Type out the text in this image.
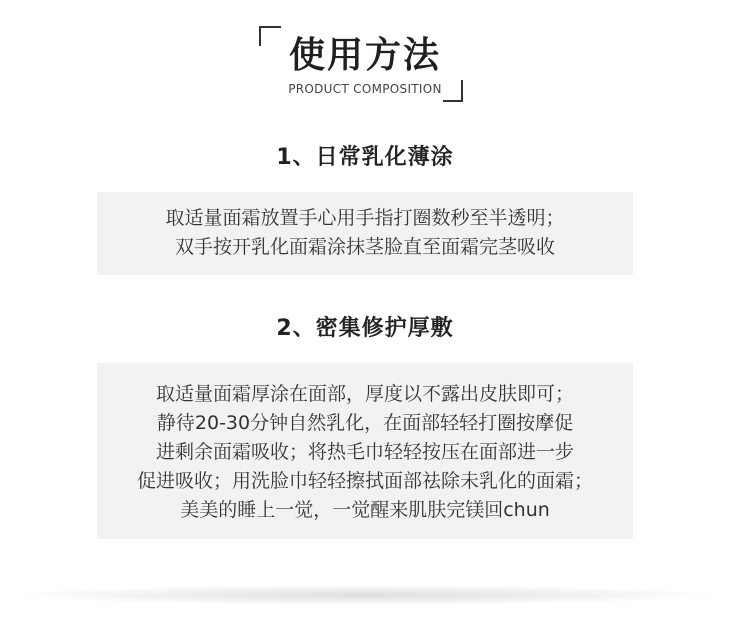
使用方法
PRODUCT COMPOSITION
1、日常乳化薄涂
取适量面霜放置手心用手指打圈数秒至半透明；
双手按开乳化面霜涂抹茎脸直至面霜完茎吸收
2、密集修护厚敷
取适量面霜厚涂在面部，厚度以不露出皮肤即可；
静待20-30分钟自然乳化，在面部轻轻打圈按摩促
进剩余面霜吸收；将热毛巾轻轻按压在面部进一步
促进吸收；用洗脸巾轻轻擦拭面部祛除未乳化的面霜；
美美的睡上一觉，一觉醒来肌肤完镁回chun
